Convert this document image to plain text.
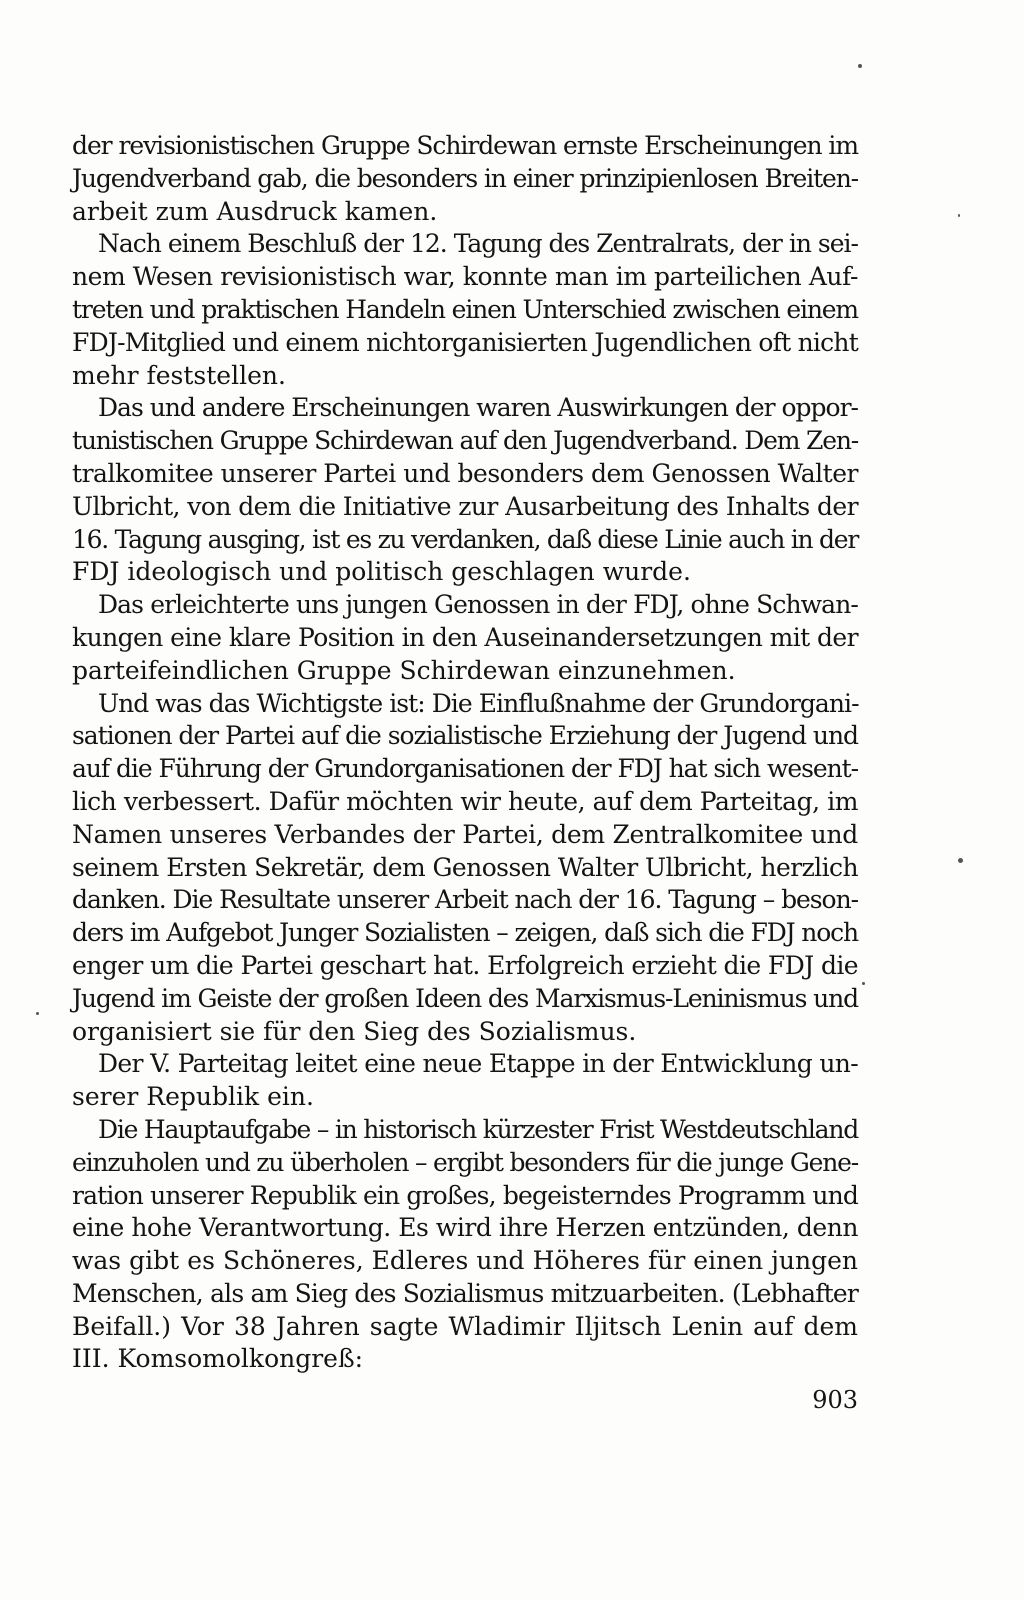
der revisionistischen Gruppe Schirdewan ernste Erscheinungen im
Jugendverband gab, die besonders in einer prinzipienlosen Breiten-
arbeit zum Ausdruck kamen.
Nach einem Beschluß der 12. Tagung des Zentralrats, der in sei-
nem Wesen revisionistisch war, konnte man im parteilichen Auf-
treten und praktischen Handeln einen Unterschied zwischen einem
FDJ-Mitglied und einem nichtorganisierten Jugendlichen oft nicht
mehr feststellen.
Das und andere Erscheinungen waren Auswirkungen der oppor-
tunistischen Gruppe Schirdewan auf den Jugendverband. Dem Zen-
tralkomitee unserer Partei und besonders dem Genossen Walter
Ulbricht, von dem die Initiative zur Ausarbeitung des Inhalts der
16. Tagung ausging, ist es zu verdanken, daß diese Linie auch in der
FDJ ideologisch und politisch geschlagen wurde.
Das erleichterte uns jungen Genossen in der FDJ, ohne Schwan-
kungen eine klare Position in den Auseinandersetzungen mit der
parteifeindlichen Gruppe Schirdewan einzunehmen.
Und was das Wichtigste ist: Die Einflußnahme der Grundorgani-
sationen der Partei auf die sozialistische Erziehung der Jugend und
auf die Führung der Grundorganisationen der FDJ hat sich wesent-
lich verbessert. Dafür möchten wir heute, auf dem Parteitag, im
Namen unseres Verbandes der Partei, dem Zentralkomitee und
seinem Ersten Sekretär, dem Genossen Walter Ulbricht, herzlich
danken. Die Resultate unserer Arbeit nach der 16. Tagung – beson-
ders im Aufgebot Junger Sozialisten – zeigen, daß sich die FDJ noch
enger um die Partei geschart hat. Erfolgreich erzieht die FDJ die
Jugend im Geiste der großen Ideen des Marxismus-Leninismus und
organisiert sie für den Sieg des Sozialismus.
Der V. Parteitag leitet eine neue Etappe in der Entwicklung un-
serer Republik ein.
Die Hauptaufgabe – in historisch kürzester Frist Westdeutschland
einzuholen und zu überholen – ergibt besonders für die junge Gene-
ration unserer Republik ein großes, begeisterndes Programm und
eine hohe Verantwortung. Es wird ihre Herzen entzünden, denn
was gibt es Schöneres, Edleres und Höheres für einen jungen
Menschen, als am Sieg des Sozialismus mitzuarbeiten. (Lebhafter
Beifall.) Vor 38 Jahren sagte Wladimir Iljitsch Lenin auf dem
III. Komsomolkongreß:
903
